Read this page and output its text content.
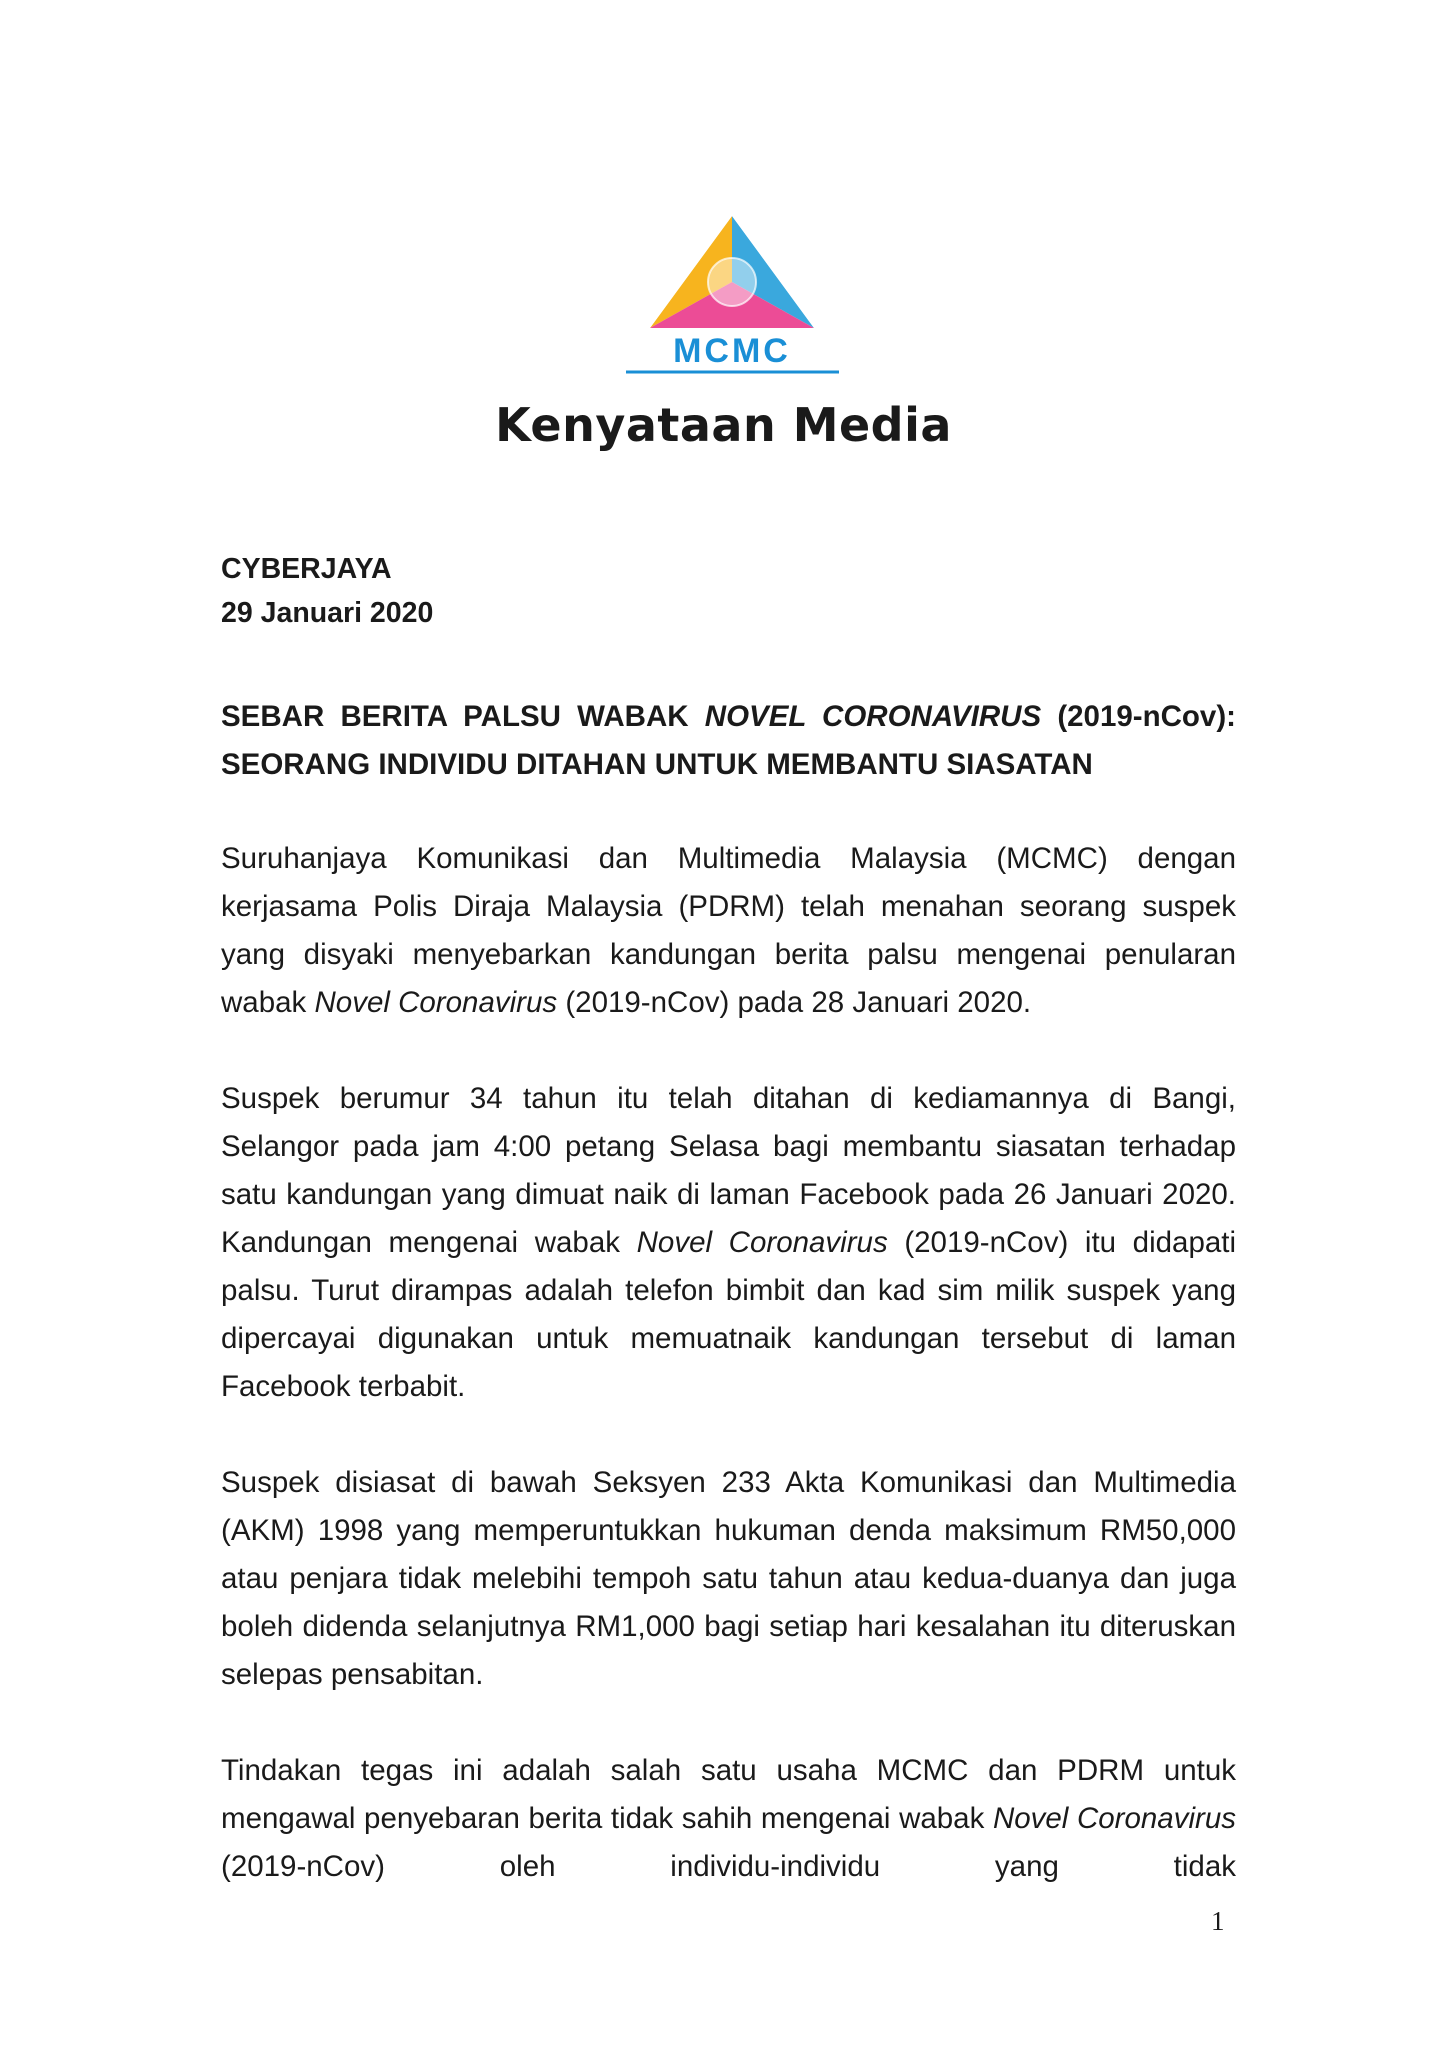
MCMC
Kenyataan Media
CYBERJAYA
29 Januari 2020
SEBAR BERITA PALSU WABAK NOVEL CORONAVIRUS (2019-nCov):
SEORANG INDIVIDU DITAHAN UNTUK MEMBANTU SIASATAN

Suruhanjaya Komunikasi dan Multimedia Malaysia (MCMC) dengan kerjasama Polis Diraja Malaysia (PDRM) telah menahan seorang suspek yang disyaki menyebarkan kandungan berita palsu mengenai penularan wabak Novel Coronavirus (2019-nCov) pada 28 Januari 2020.

Suspek berumur 34 tahun itu telah ditahan di kediamannya di Bangi, Selangor pada jam 4:00 petang Selasa bagi membantu siasatan terhadap satu kandungan yang dimuat naik di laman Facebook pada 26 Januari 2020. Kandungan mengenai wabak Novel Coronavirus (2019-nCov) itu didapati palsu. Turut dirampas adalah telefon bimbit dan kad sim milik suspek yang dipercayai digunakan untuk memuatnaik kandungan tersebut di laman Facebook terbabit.

Suspek disiasat di bawah Seksyen 233 Akta Komunikasi dan Multimedia (AKM) 1998 yang memperuntukkan hukuman denda maksimum RM50,000 atau penjara tidak melebihi tempoh satu tahun atau kedua-duanya dan juga boleh didenda selanjutnya RM1,000 bagi setiap hari kesalahan itu diteruskan selepas pensabitan.

Tindakan tegas ini adalah salah satu usaha MCMC dan PDRM untuk mengawal penyebaran berita tidak sahih mengenai wabak Novel Coronavirus (2019-nCov) oleh individu-individu yang tidak

1
